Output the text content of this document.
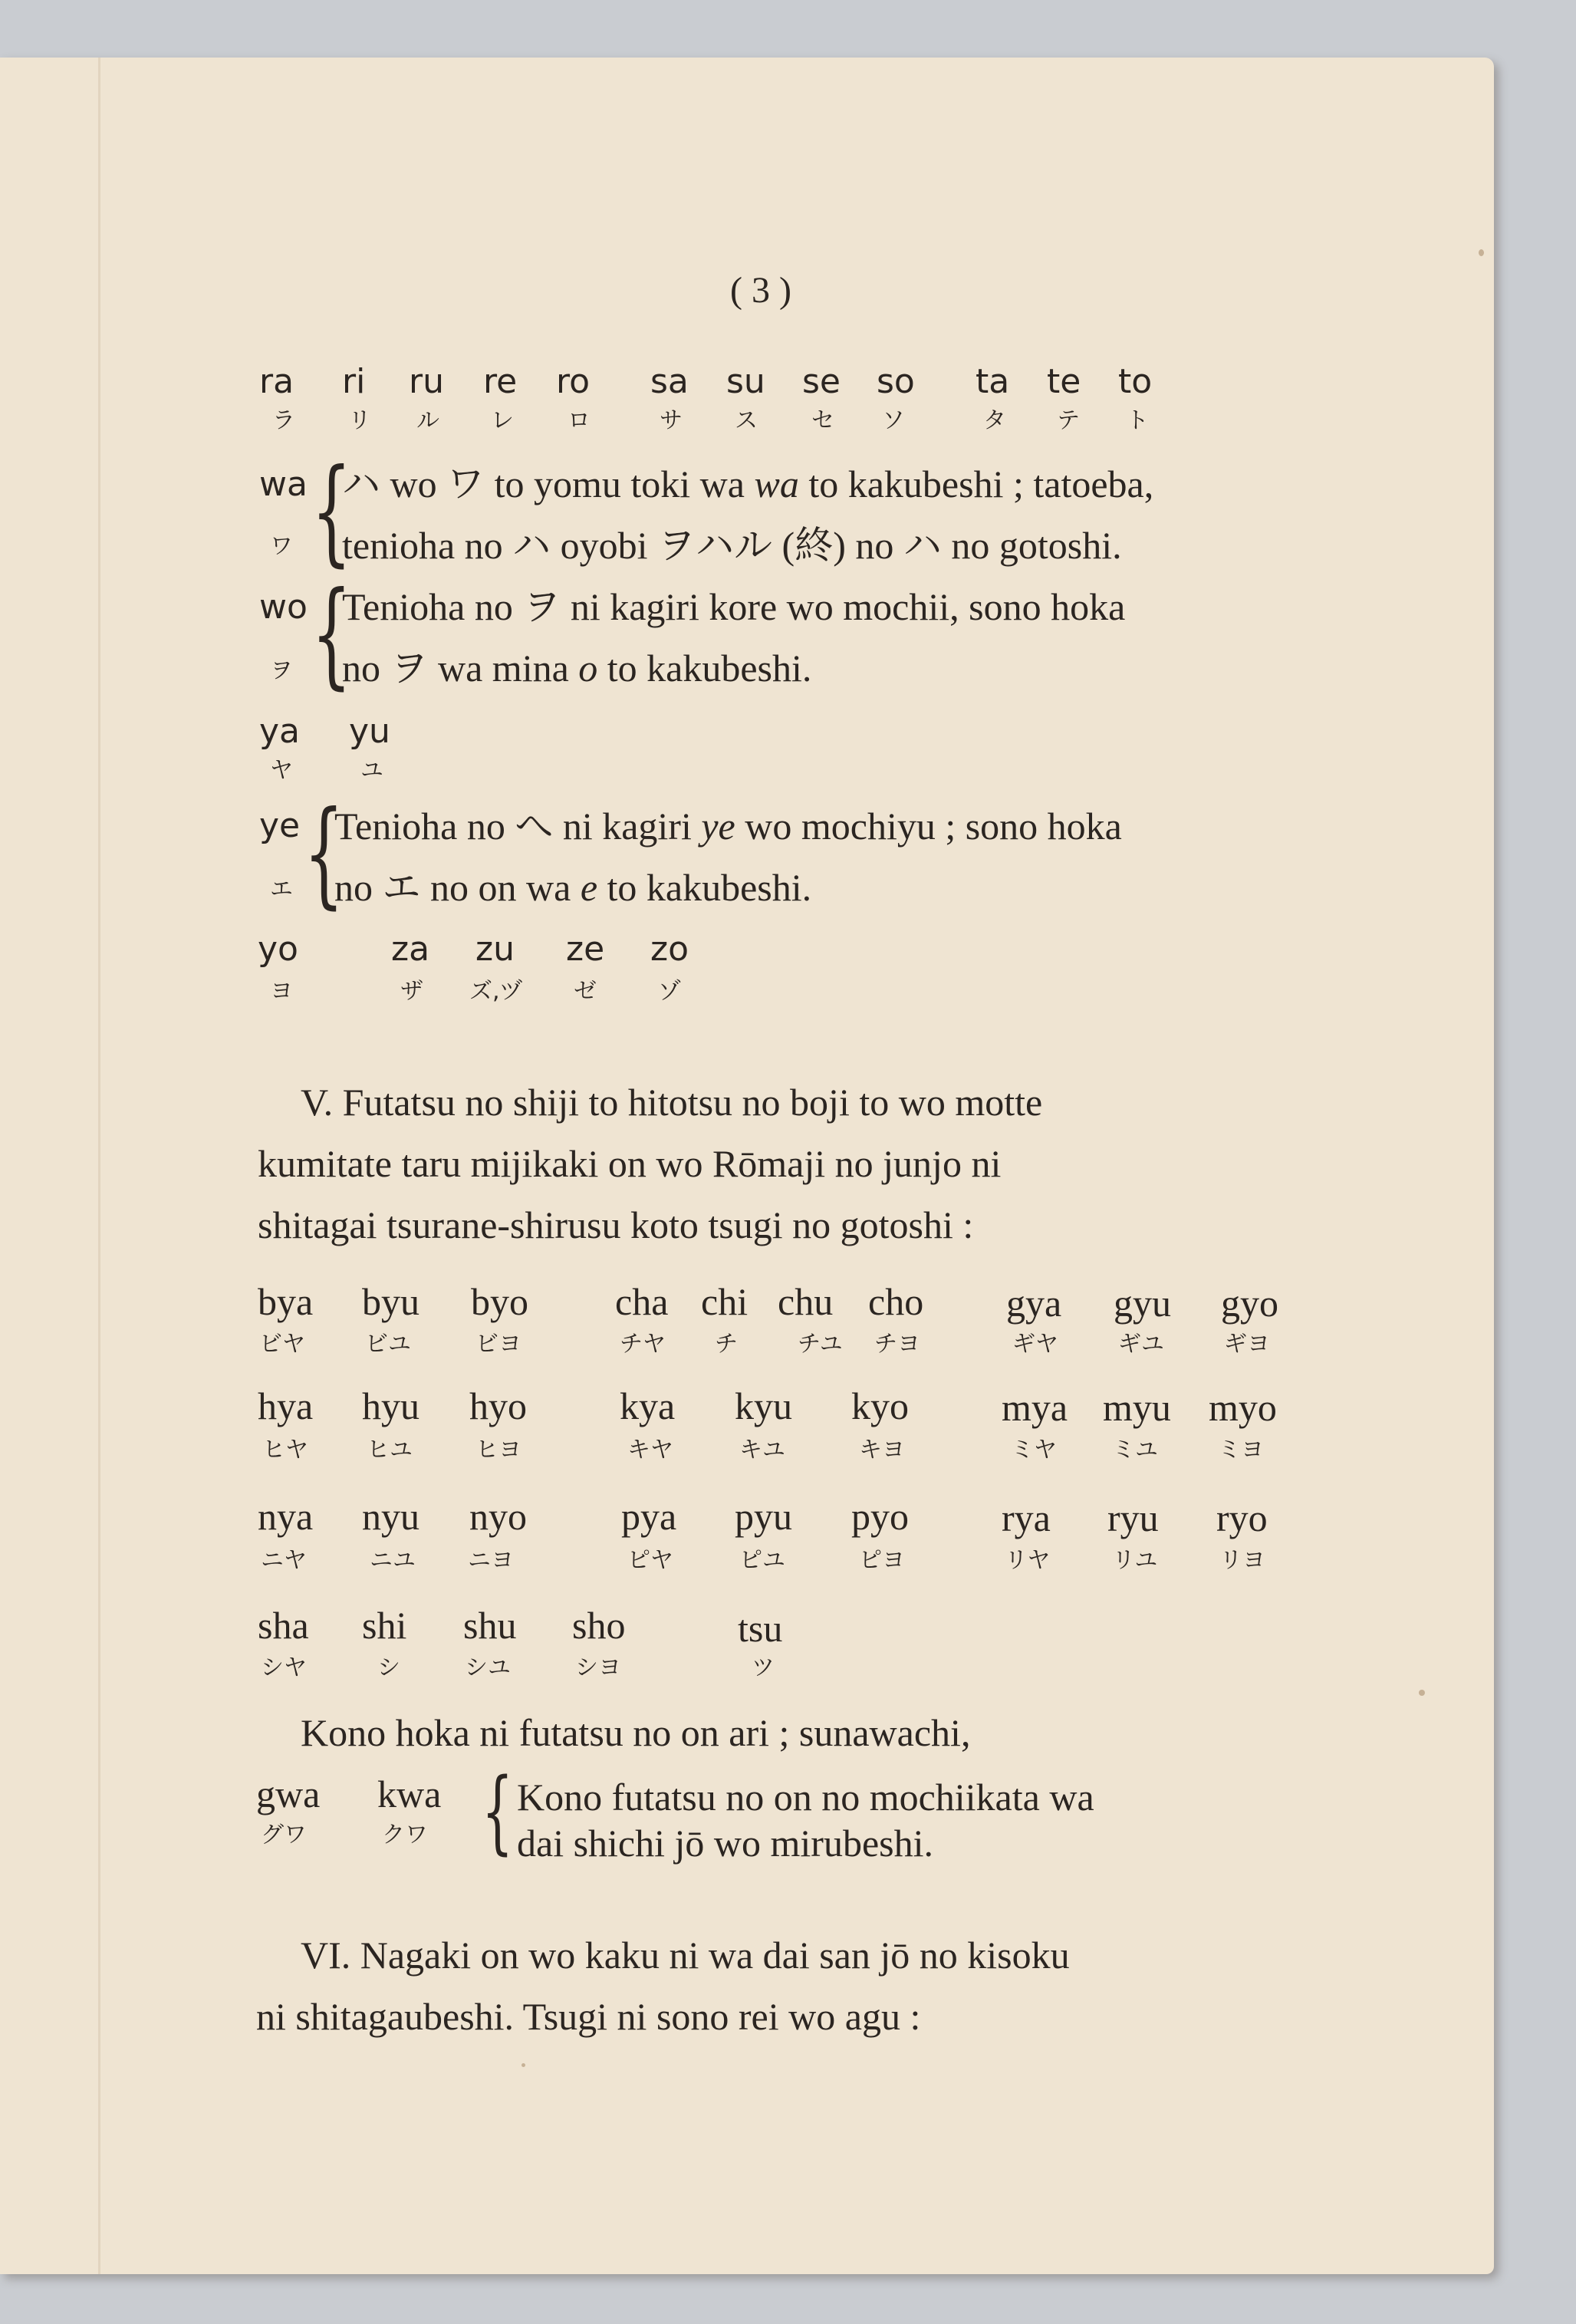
( 3 )
ra ri ru re ro sa su se so ta te to
ラ リ ル レ ロ	サ ス セ ソ	タ テ ト
wa
ワ {
ハ wo ワ to yomu toki wa wa to kakubeshi ; tatoeba,
tenioha no ハ oyobi ヲハル (終) no ハ no gotoshi.
wo
ヲ {
Tenioha no ヲ ni kagiri kore wo mochii, sono hoka
no ヲ wa mina o to kakubeshi.
ya yu
ヤ	ユ
ye
エ {
Tenioha no へ ni kagiri ye wo mochiyu ; sono hoka
no エ no on wa e to kakubeshi.
yo	za zu ze zo
ヨ	ザ ズ,ヅ ゼ	ゾ
V. Futatsu no shiji to hitotsu no boji to wo motte
kumitate taru mijikaki on wo Rōmaji no junjo ni
shitagai tsurane-shirusu koto tsugi no gotoshi :
bya byu byo cha chi chu cho gya gyu gyo
ビヤ	ビユ	ビヨ	チヤ チ	チユ チヨ	ギヤ	ギユ	ギヨ
hya hyu hyo kya kyu kyo mya myu myo
ヒヤ	ヒユ	ヒヨ	キヤ	キユ	キヨ	ミヤ ミユ	ミヨ
nya nyu nyo pya pyu pyo rya ryu ryo
ニヤ	ニユ ニヨ	ピヤ	ピユ	ピヨ	リヤ	リユ	リヨ
sha shi shu sho	tsu
シヤ	シ	シユ	シヨ	ツ
Kono hoka ni futatsu no on ari ; sunawachi,
gwa kwa
グワ	クワ { Kono futatsu no on no mochiikata wa
dai shichi jō wo mirubeshi.
VI. Nagaki on wo kaku ni wa dai san jō no kisoku
ni shitagaubeshi. Tsugi ni sono rei wo agu :
